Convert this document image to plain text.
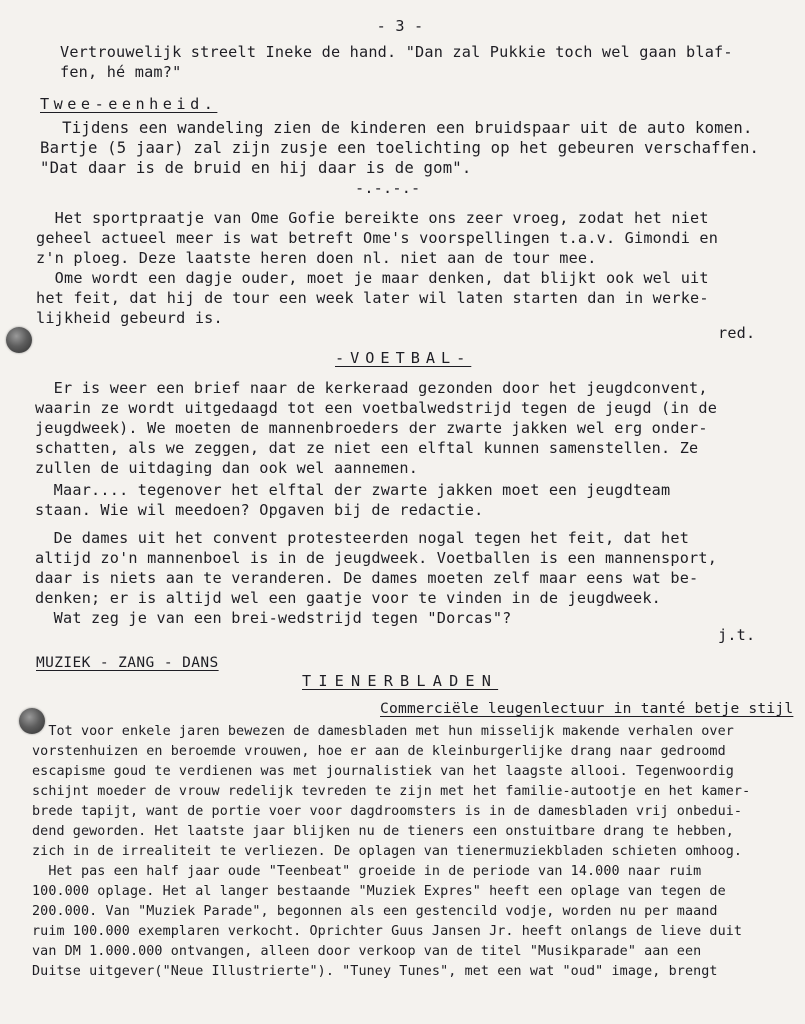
- 3 -
Vertrouwelijk streelt Ineke de hand. "Dan zal Pukkie toch wel gaan blaf-
fen, hé mam?"
Twee-eenheid.
Tijdens een wandeling zien de kinderen een bruidspaar uit de auto komen.
Bartje (5 jaar) zal zijn zusje een toelichting op het gebeuren verschaffen.
"Dat daar is de bruid en hij daar is de gom".
-.-.-.-
Het sportpraatje van Ome Gofie bereikte ons zeer vroeg, zodat het niet
geheel actueel meer is wat betreft Ome's voorspellingen t.a.v. Gimondi en
z'n ploeg. Deze laatste heren doen nl. niet aan de tour mee.
Ome wordt een dagje ouder, moet je maar denken, dat blijkt ook wel uit
het feit, dat hij de tour een week later wil laten starten dan in werke-
lijkheid gebeurd is.
red.
-VOETBAL-
Er is weer een brief naar de kerkeraad gezonden door het jeugdconvent,
waarin ze wordt uitgedaagd tot een voetbalwedstrijd tegen de jeugd (in de
jeugdweek). We moeten de mannenbroeders der zwarte jakken wel erg onder-
schatten, als we zeggen, dat ze niet een elftal kunnen samenstellen. Ze
zullen de uitdaging dan ook wel aannemen.
Maar.... tegenover het elftal der zwarte jakken moet een jeugdteam
staan. Wie wil meedoen? Opgaven bij de redactie.
De dames uit het convent protesteerden nogal tegen het feit, dat het
altijd zo'n mannenboel is in de jeugdweek. Voetballen is een mannensport,
daar is niets aan te veranderen. De dames moeten zelf maar eens wat be-
denken; er is altijd wel een gaatje voor te vinden in de jeugdweek.
Wat zeg je van een brei-wedstrijd tegen "Dorcas"?
j.t.
MUZIEK - ZANG - DANS
TIENERBLADEN
Commerciële leugenlectuur in tanté betje stijl
Tot voor enkele jaren bewezen de damesbladen met hun misselijk makende verhalen over
vorstenhuizen en beroemde vrouwen, hoe er aan de kleinburgerlijke drang naar gedroomd
escapisme goud te verdienen was met journalistiek van het laagste allooi. Tegenwoordig
schijnt moeder de vrouw redelijk tevreden te zijn met het familie-autootje en het kamer-
brede tapijt, want de portie voer voor dagdroomsters is in de damesbladen vrij onbedui-
dend geworden. Het laatste jaar blijken nu de tieners een onstuitbare drang te hebben,
zich in de irrealiteit te verliezen. De oplagen van tienermuziekbladen schieten omhoog.
Het pas een half jaar oude "Teenbeat" groeide in de periode van 14.000 naar ruim
100.000 oplage. Het al langer bestaande "Muziek Expres" heeft een oplage van tegen de
200.000. Van "Muziek Parade", begonnen als een gestencild vodje, worden nu per maand
ruim 100.000 exemplaren verkocht. Oprichter Guus Jansen Jr. heeft onlangs de lieve duit
van DM 1.000.000 ontvangen, alleen door verkoop van de titel "Musikparade" aan een
Duitse uitgever("Neue Illustrierte"). "Tuney Tunes", met een wat "oud" image, brengt
